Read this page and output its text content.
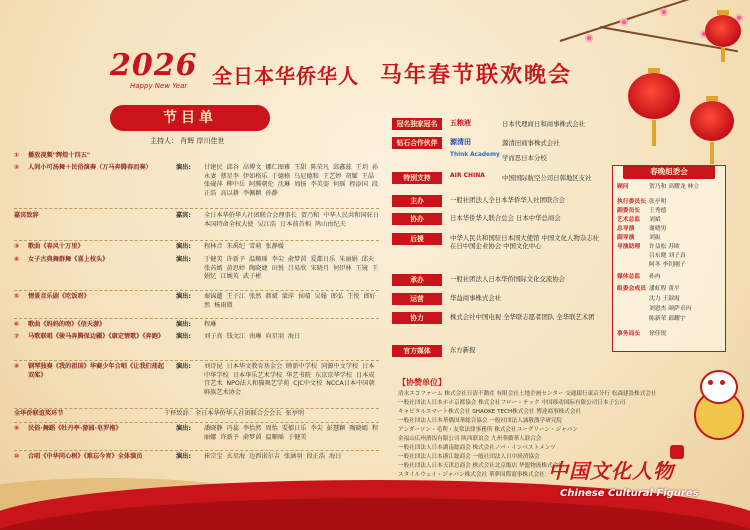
2026
Happy New Year 全日本华侨华人 马年春节联欢晚会
节目单
主持人： 肖辉 岸川佳世
①	播放视频"辉煌十四五"
②	人间小可汤舞＋民俗演奏（万马奔腾春而奏）	演出:	甘建民 邱谷 高博文 娜仁图雅 王甜 陈荣凡 邱鑫蕊 王玥 孙永妻 蔡星李 伊如格乐 于德格 乌尼德和 王艺婷 胡耀 王晶 张砚萍 柳中岳 阿腾朝伦 沈琳 周扬 李美姿 何瑶 程添国 段正浩 高以耕 李佩颖 孙静
嘉宾致辞	嘉宾:	全日本华侨华人社团联合会理事长 贺乃和 中华人民共和国驻日本国特命全权大使 吴江浩 日本前首相 鸠山由纪夫
③	歌曲《春风十万里》	演出:	程林音 朱禹纪 雪莉 张静媛
④	女子古典舞群舞《喜上枝头》	演出:	于健美 许新予 温顺瑶 李尖 俞梦茵 爱都日乐 朱丽娟 邱天 张芮嫣 黄思婷 陶晓婕 田悦 吕易欣 宋晓月 何伊林 王镜 王娟忆 江婉英 武子彬
⑤	情景音乐剧《吃饭呀》	演出:	秦锦蓮 王子江 张然 郝斌 蒙萍 侯晴 吴翰 郎弘 王悦 郎好然 杨雨微
⑥	歌曲《妈妈的吻》《信天游》	演出:	程琳
⑦	马歌联唱《骏马奔腾保边疆》《康定情歌》《奔跑》	演出:	刘子真 钱文江 南琳 向星羽 海日
⑧	钢琴独奏《我的祖国》华裔少年合唱《让我们荡起双桨》
演出:	刘诗昆 日本华文教育基金会 睦新中学校 同源中文学校 日本中华学校 日本华乐艺术学校 华艺书院 东京京华学校 日本成宜艺术 NPO法人和猫舞艺学苑 CJC中文校 NCCA日本中国朝鲜族艺术协会
全华侨联谊奖环节	干杯致辞：全日本华侨华人社团联合会会长 张亭明
⑨	民俗·舞蹈《牡丹亭·游园·皂罗袍》	演出:	潘晓静 冯蕊 李怡然 周怡 雯郁日乐 李尖 彭慧颖 陶晓嫣 程丽娜 许新予 俞梦茵 温顺瑶 于健美
⑩	合唱《中华同心树》《难忘今宵》全体演员	演出:	崔宗宝 玄星海 边西诺尔吉 张涵羽 段正浩 海日
冠名独家冠名	五粮液	日本代理商日和商事株式会社
钻石合作伙伴	源清田	源清田商事株式会社
Think Academy 学而思日本分校
特别支持	AIR CHINA	中国国际航空公司日韩地区支社
主办	一般社团法人全日本华侨华人社团联合会
协办	日本华侨华人联合总会 日本中华总商会
后援	中华人民共和国驻日本国大使馆 中国文化人物杂志社 在日中国企业协会 中国文化中心
承办	一般社团法人日本华侨国际文化交流协会
运营	华益商事株式会社
协力	株式会社中国电视 全华联志愿者团队 全华联艺术团
官方媒体	东方新报
【协赞单位】
清水エコファーム 株式会社日清不動産 有限会社土地企画センター 交通銀行東京分行 松森建設株式会社
一般社団法人日本ホホ京都協会 株式会社フロー・テック 中国移动国际有限公司日本子公司
キャピタルスマート株式会社 SHAOKE TECH株式会社 博達商事株式会社
一般社団法人日本華僑国華総合協会 一般社団法人誠敬漢学研究院
アンダーソン・毛利・友常法律事務所 株式会社ユーグリーン・ジャパン
金福山広州酒饭有限公司 陕西联谊会 九州華僑華人联合会
一般社団法人日本湖南総商会 株式会社ノバ・インベストメンツ
一般社団法人日本浙江総商会 一般社団法人日中経済協会
一般社団法人日本天津总商会 株式会社北京飯店 华盟物流株式会社
スタイルウェイ・ジャパン株式会社 華夢国際商事株式会社
春晚组委会
顾问	贺乃和 高耀龙 林立
执行委员长 张亭明
副委员长	王秀德
艺术总监	刘斌
总导演	谢晓男
副导演	刘振
导演助理	许益松 苏欧
吕东晓 刘子真
阿冬 李钊刚子
媒体总监	孙冉
组委会成员 潘虹程 黄平
沈力 王淑霞
刘恩杰 颜萨卓玛
陈新荣 邱耀宇
事务局长	徐佳锐
中国文化人物
Chinese Cultural Figures
